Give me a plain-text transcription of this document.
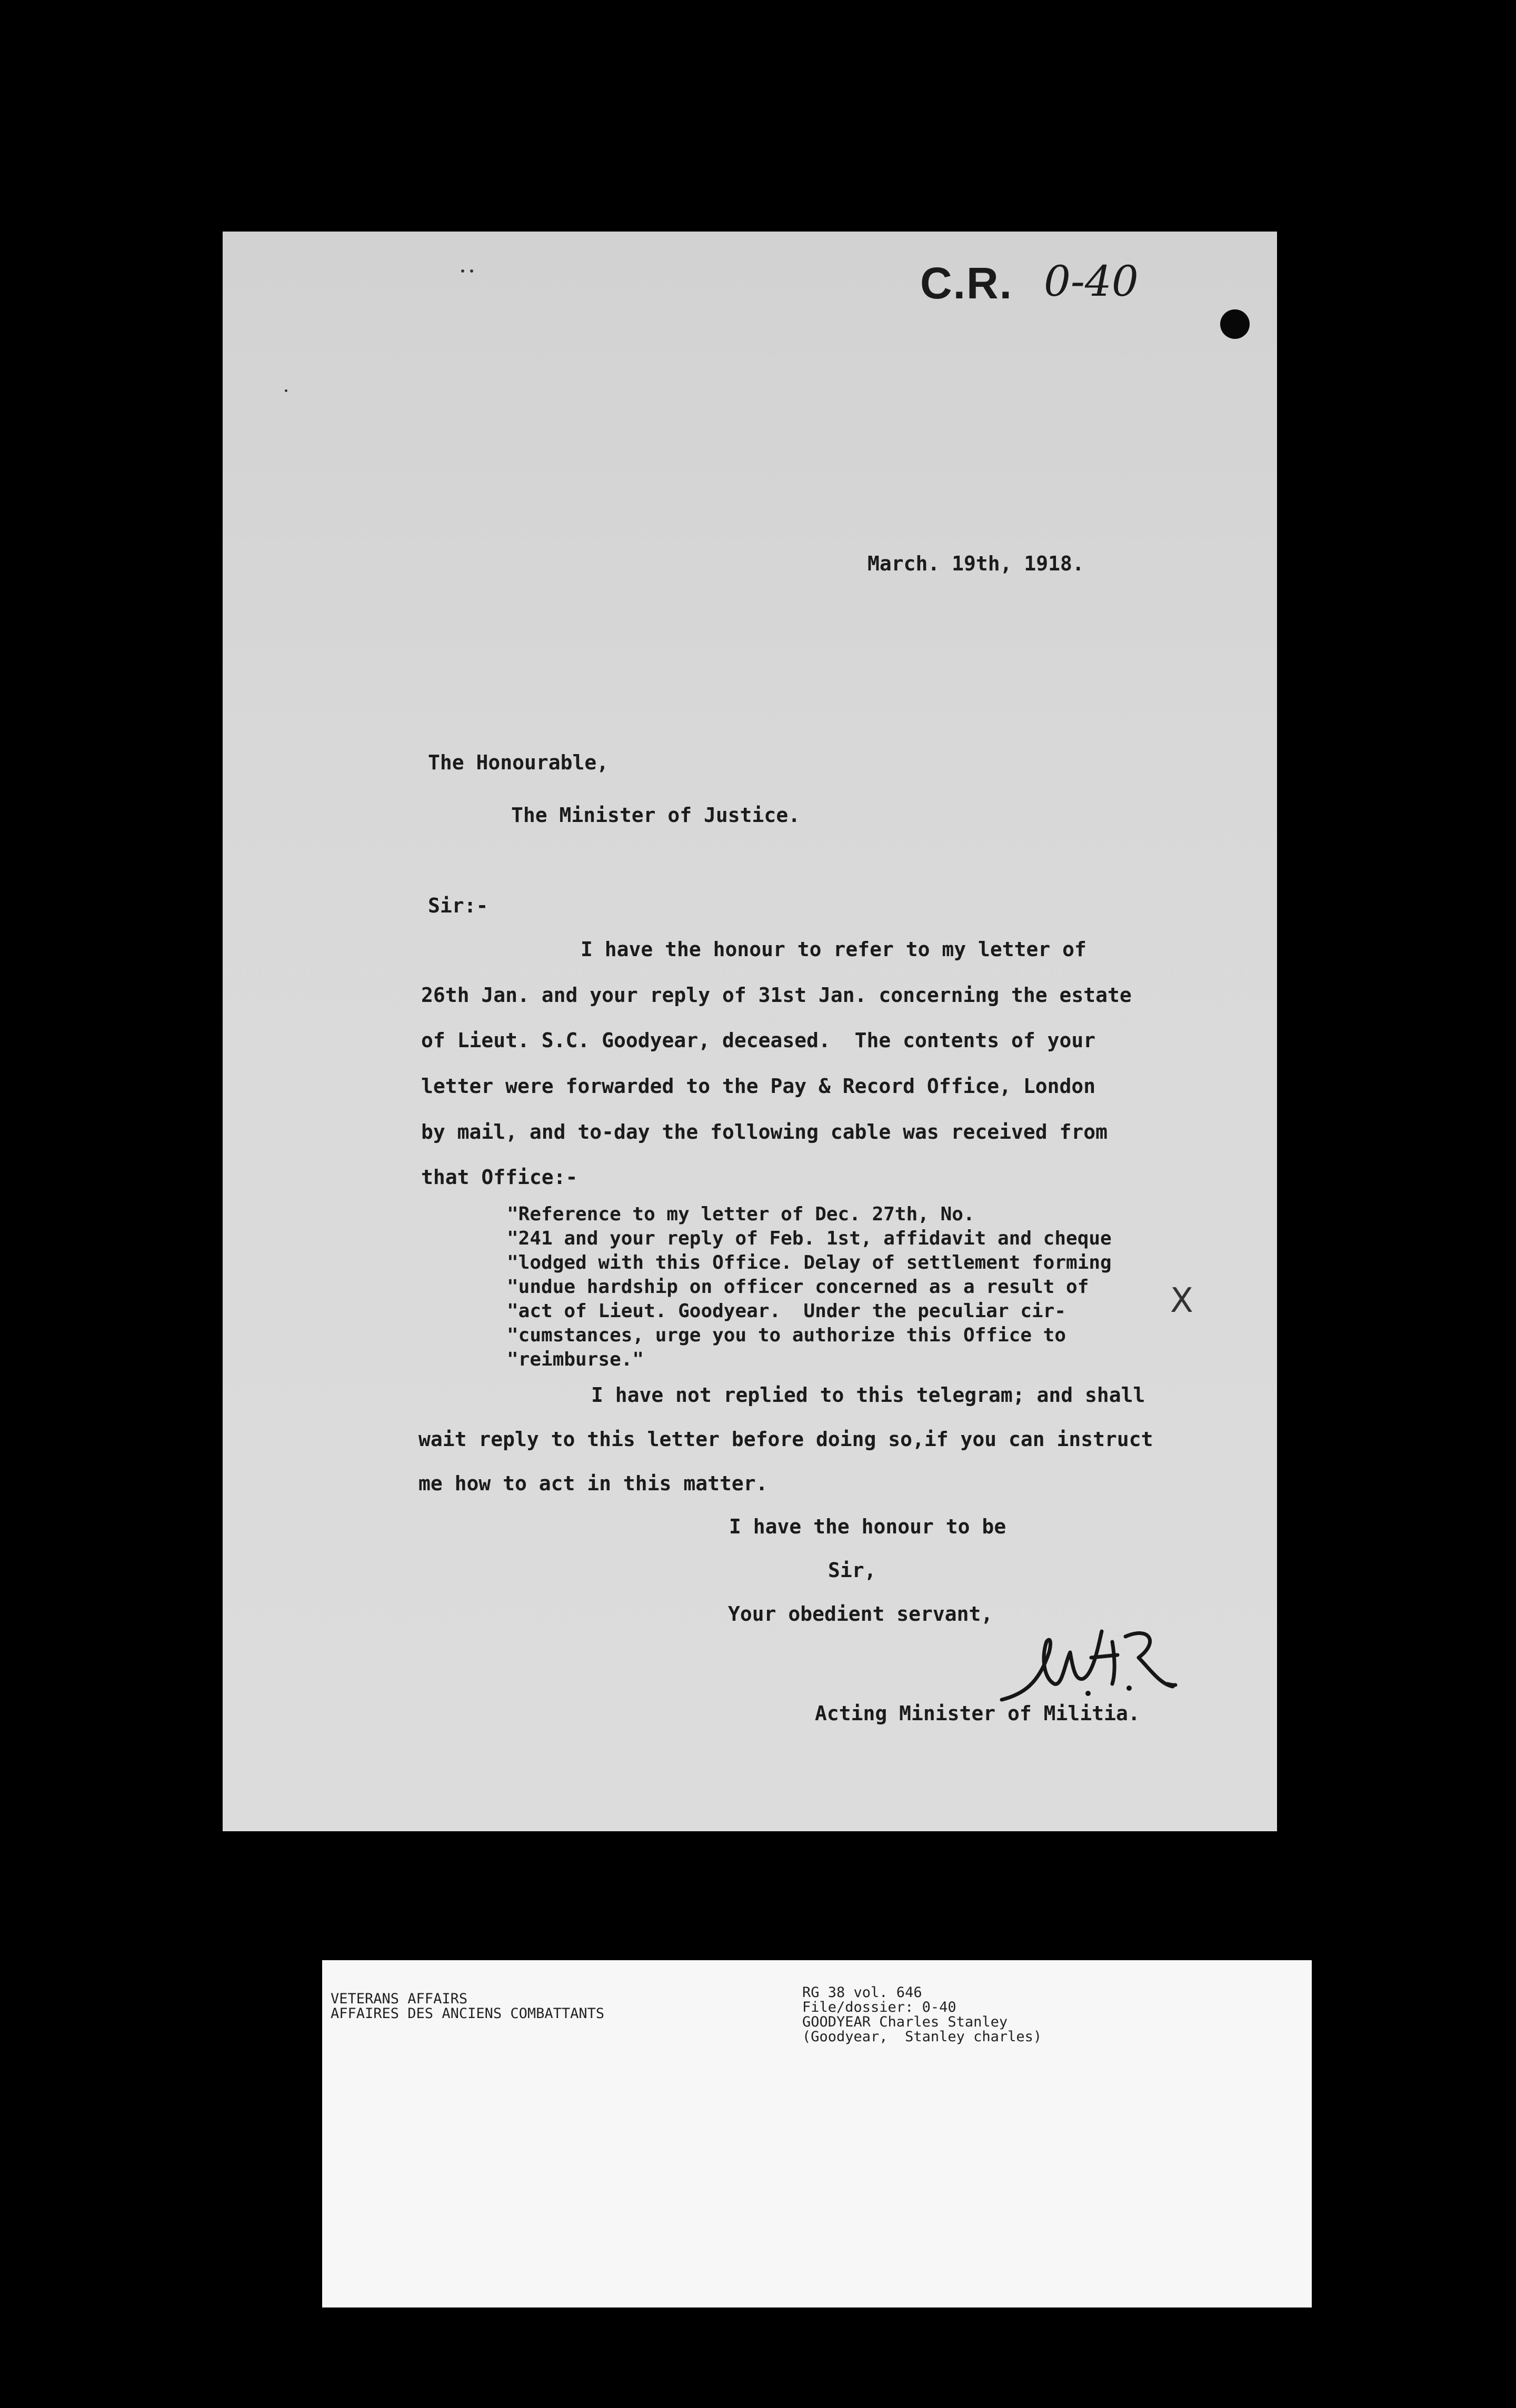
C.R. 0-40
March. 19th, 1918.
The Honourable,
The Minister of Justice.
Sir:-
I have the honour to refer to my letter of
26th Jan. and your reply of 31st Jan. concerning the estate
of Lieut. S.C. Goodyear, deceased.  The contents of your
letter were forwarded to the Pay & Record Office, London
by mail, and to-day the following cable was received from
that Office:-
"Reference to my letter of Dec. 27th, No.
"241 and your reply of Feb. 1st, affidavit and cheque
"lodged with this Office. Delay of settlement forming
"undue hardship on officer concerned as a result of
"act of Lieut. Goodyear.  Under the peculiar cir-
"cumstances, urge you to authorize this Office to
"reimburse."
X
I have not replied to this telegram; and shall
wait reply to this letter before doing so,if you can instruct
me how to act in this matter.
I have the honour to be
Sir,
Your obedient servant,
Acting Minister of Militia.
VETERANS AFFAIRS
AFFAIRES DES ANCIENS COMBATTANTS
RG 38 vol. 646
File/dossier: 0-40
GOODYEAR Charles Stanley
(Goodyear,  Stanley charles)
